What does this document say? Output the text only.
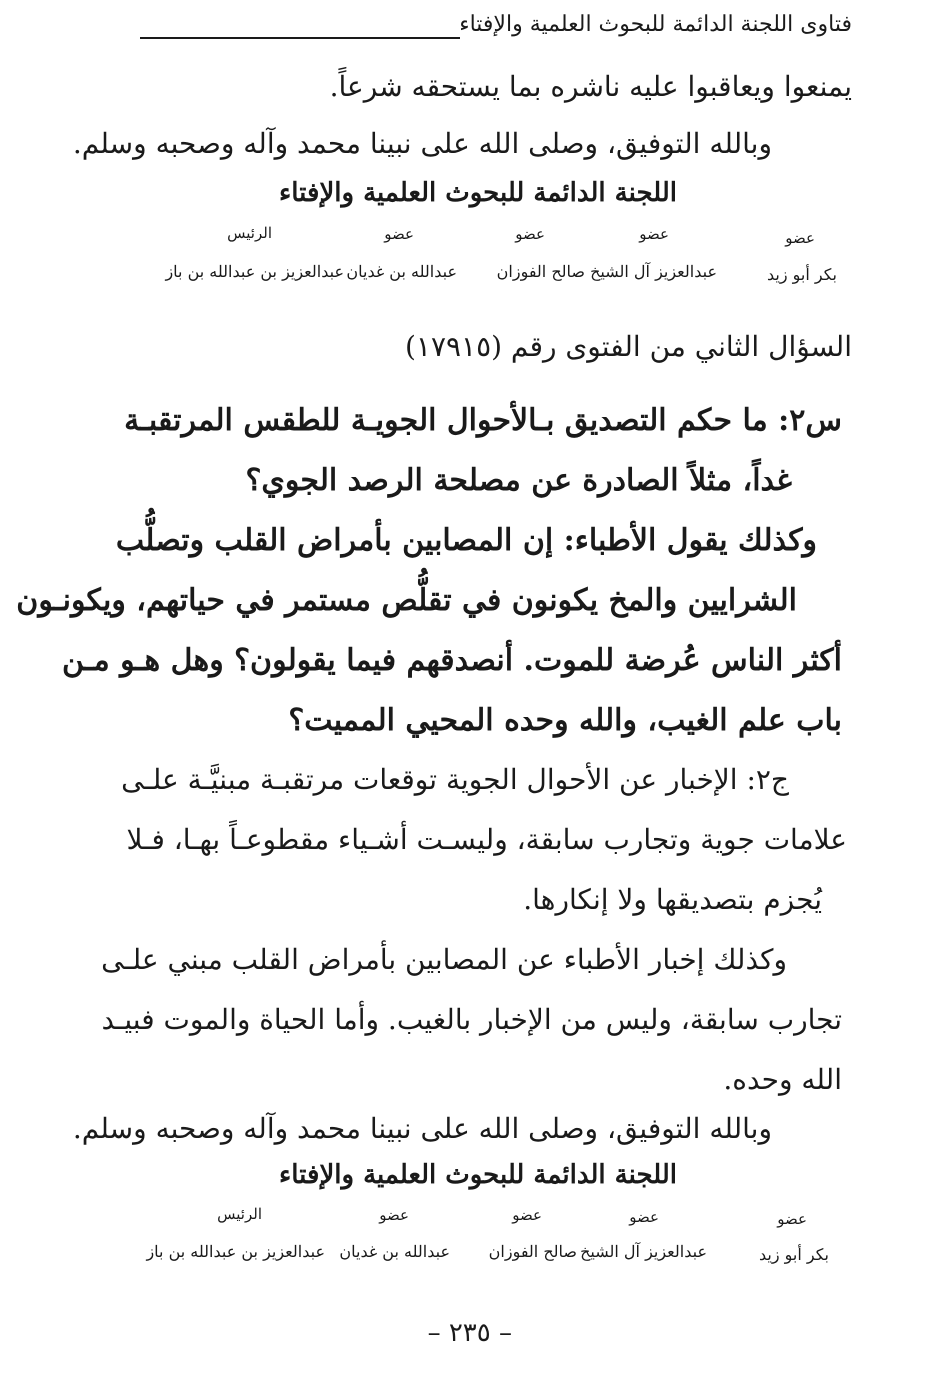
فتاوى اللجنة الدائمة للبحوث العلمية والإفتاء
يمنعوا ويعاقبوا عليه ناشره بما يستحقه شرعاً.
وبالله التوفيق، وصلى الله على نبينا محمد وآله وصحبه وسلم.
اللجنة الدائمة للبحوث العلمية والإفتاء
عضو
عضو
عضو
عضو
الرئيس
بكر أبو زيد
عبدالعزيز آل الشيخ
صالح الفوزان
عبدالله بن غديان
عبدالعزيز بن عبدالله بن باز
السؤال الثاني من الفتوى رقم (١٧٩١٥)
س٢: ما حكم التصديق بـالأحوال الجويـة للطقس المرتقبـة
غداً، مثلاً الصادرة عن مصلحة الرصد الجوي؟
وكذلك يقول الأطباء: إن المصابين بأمراض القلب وتصلُّب
الشرايين والمخ يكونون في تقلُّص مستمر في حياتهم، ويكونـون
أكثر الناس عُرضة للموت. أنصدقهم فيما يقولون؟ وهل هـو مـن
باب علم الغيب، والله وحده المحيي المميت؟
ج٢: الإخبار عن الأحوال الجوية توقعات مرتقبـة مبنيَّـة علـى
علامات جوية وتجارب سابقة، وليسـت أشـياء مقطوعـاً بهـا، فـلا
يُجزم بتصديقها ولا إنكارها.
وكذلك إخبار الأطباء عن المصابين بأمراض القلب مبني علـى
تجارب سابقة، وليس من الإخبار بالغيب. وأما الحياة والموت فبيـد
الله وحده.
وبالله التوفيق، وصلى الله على نبينا محمد وآله وصحبه وسلم.
اللجنة الدائمة للبحوث العلمية والإفتاء
عضو
عضو
عضو
عضو
الرئيس
بكر أبو زيد
عبدالعزيز آل الشيخ
صالح الفوزان
عبدالله بن غديان
عبدالعزيز بن عبدالله بن باز
– ٢٣٥ –
